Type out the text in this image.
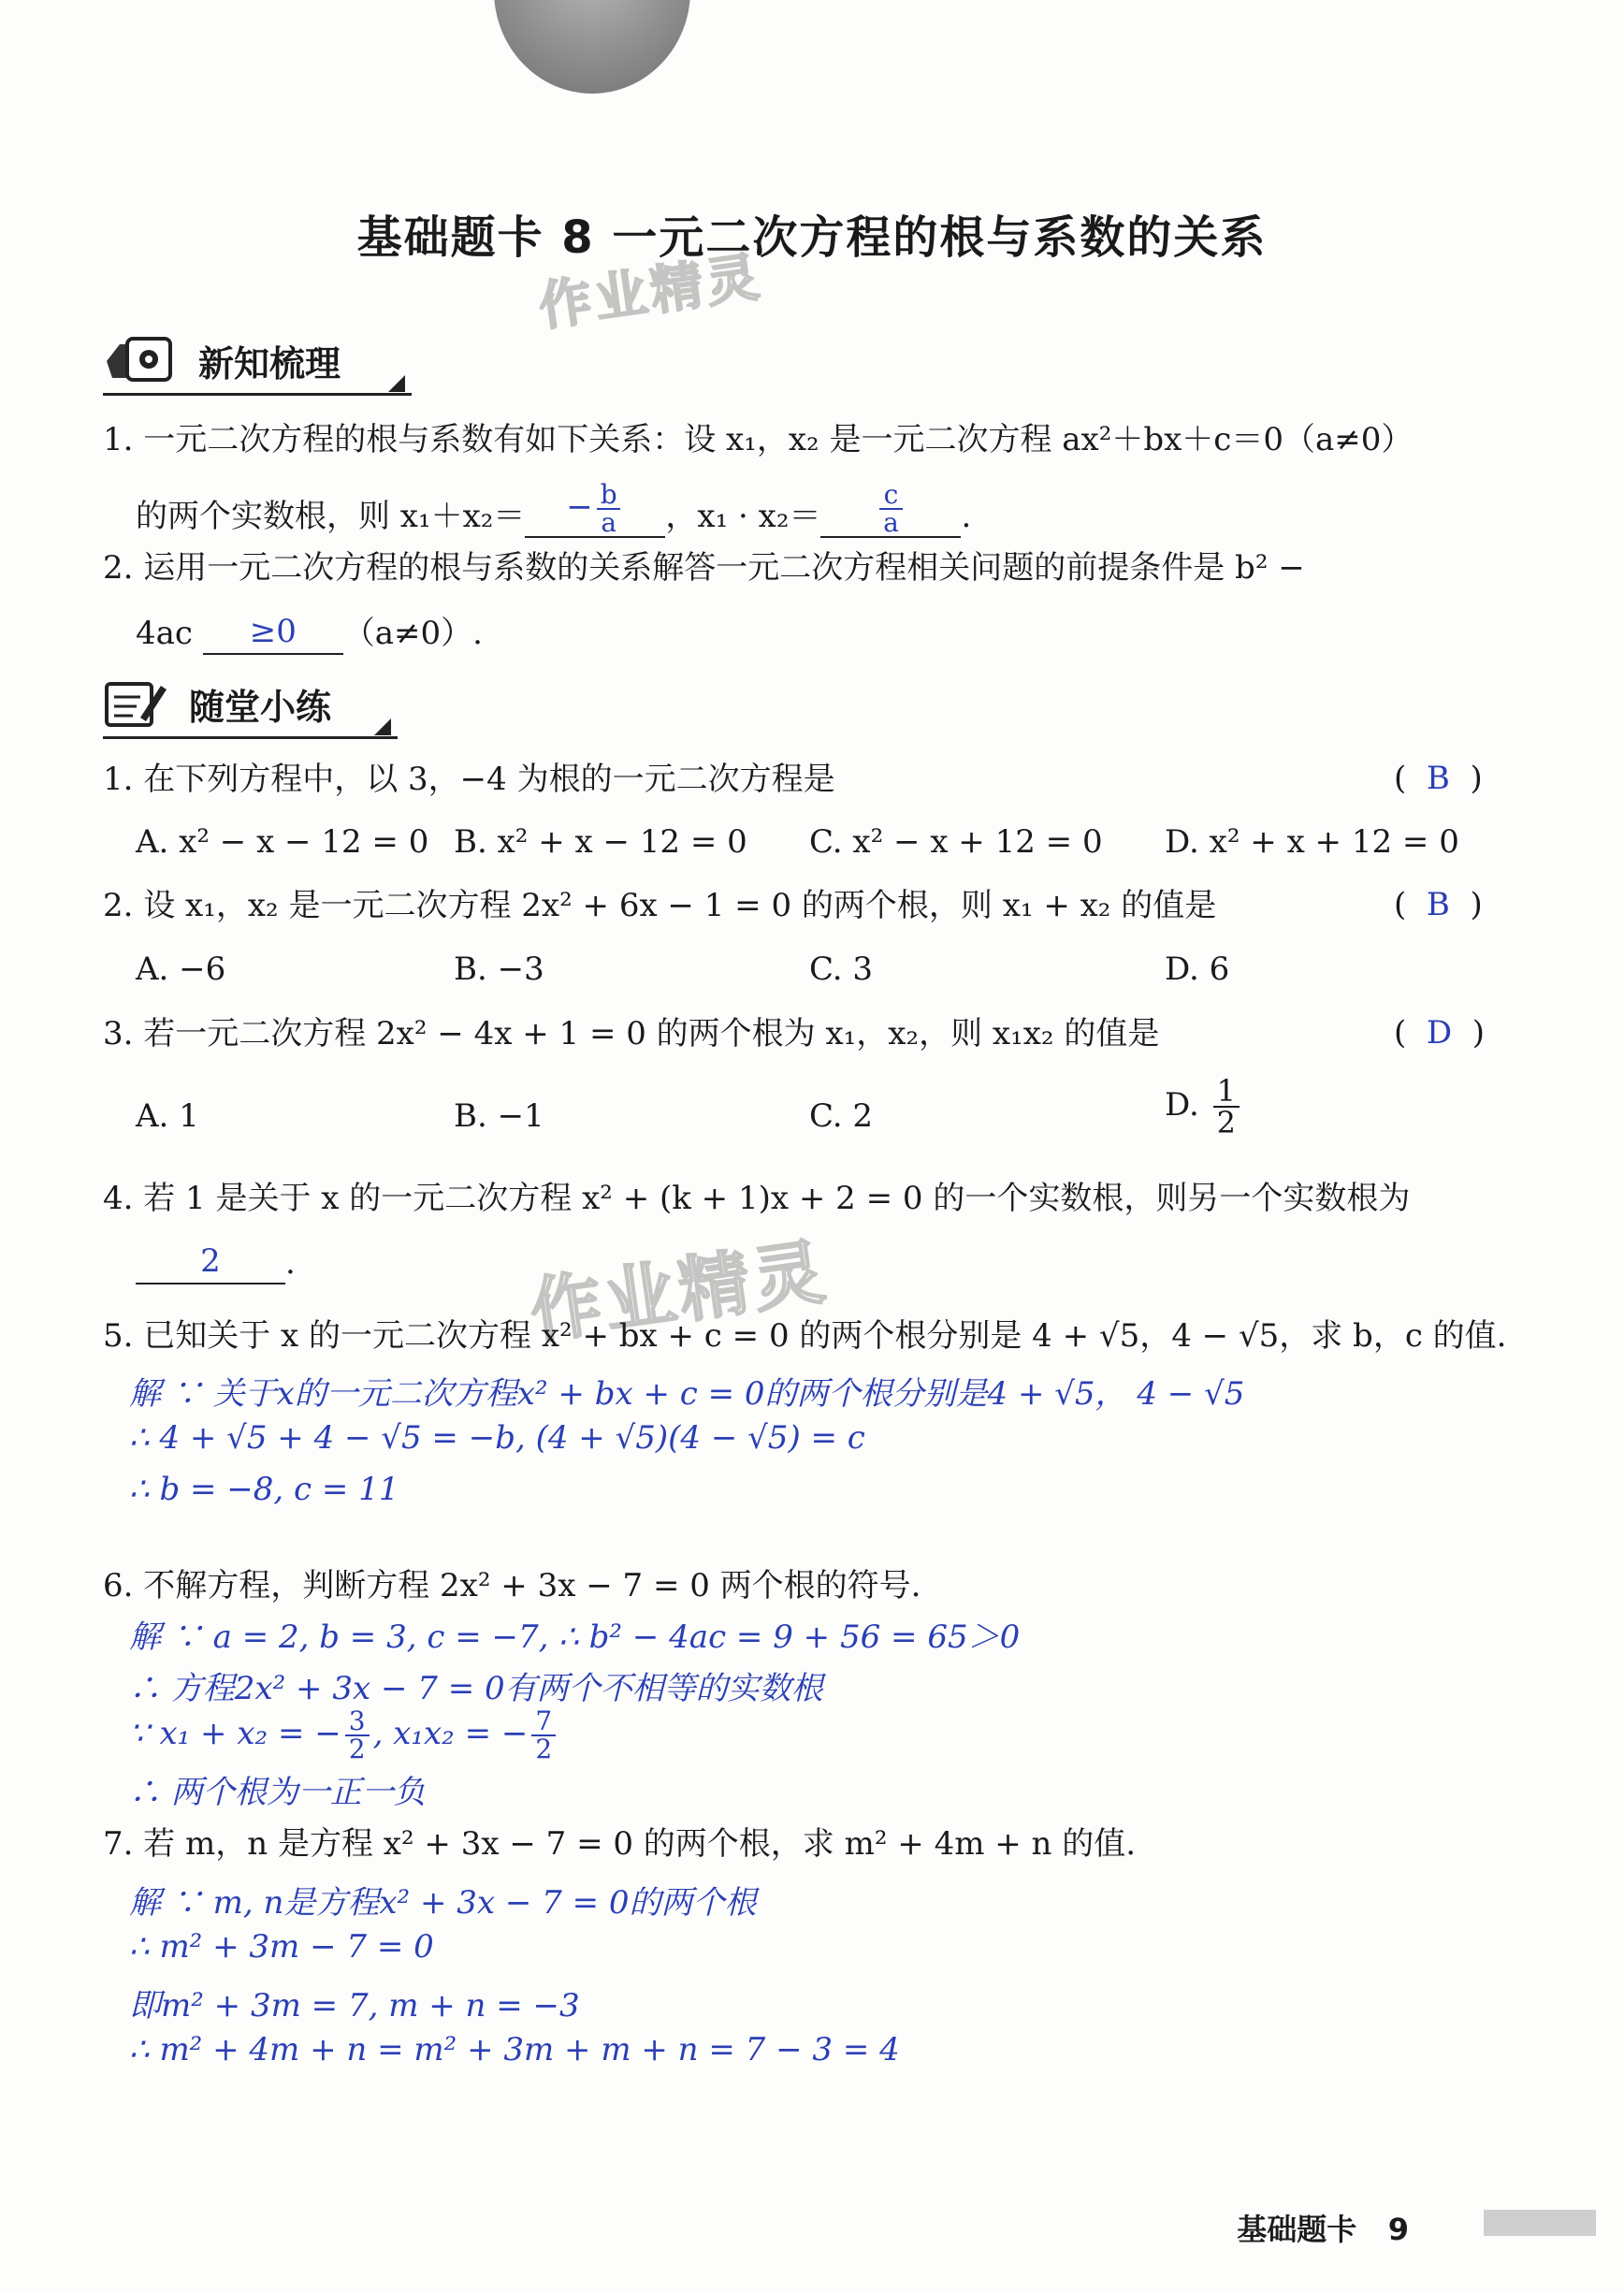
基础题卡 8 一元二次方程的根与系数的关系
作业精灵
作业精灵
新知梳理
1. 一元二次方程的根与系数有如下关系：设 x₁，x₂ 是一元二次方程 ax²＋bx＋c＝0（a≠0）
的两个实数根，则 $x_1+x_2= - \frac{b}{a}$ ，$x_1 \cdot x_2= \frac{c}{a}$ .
2. 运用一元二次方程的根与系数的关系解答一元二次方程相关问题的前提条件是 b² −
4ac ≥0 （a≠0）.
随堂小练
1. 在下列方程中，以 3，−4 为根的一元二次方程是	(  B  )
A. x² − x − 12 = 0 B. x² + x − 12 = 0 C. x² − x + 12 = 0 D. x² + x + 12 = 0
2. 设 x₁，x₂ 是一元二次方程 2x² + 6x − 1 = 0 的两个根，则 x₁ + x₂ 的值是	(  B  )
A. −6	B. −3	C. 3	D. 6
3. 若一元二次方程 2x² − 4x + 1 = 0 的两个根为 x₁，x₂，则 x₁x₂ 的值是	(  D  )
A. 1	B. −1	C. 2	D. $\frac{1}{2}$
4. 若 1 是关于 x 的一元二次方程 x² + (k + 1)x + 2 = 0 的一个实数根，则另一个实数根为
2 .
5. 已知关于 x 的一元二次方程 x² + bx + c = 0 的两个根分别是 4 + √5，4 − √5，求 b，c 的值.
解 ∵ 关于x的一元二次方程x² + bx + c = 0的两个根分别是4 + √5， 4 − √5
∴ 4 + √5 + 4 − √5 = −b, (4 + √5)(4 − √5) = c
∴ b = −8, c = 11
6. 不解方程，判断方程 2x² + 3x − 7 = 0 两个根的符号.
解 ∵ a = 2, b = 3, c = −7, ∴ b² − 4ac = 9 + 56 = 65＞0
∴ 方程2x² + 3x − 7 = 0有两个不相等的实数根
∵ x₁ + x₂ = − $\frac{3}{2}$ , x₁x₂ = − $\frac{7}{2}$
∴ 两个根为一正一负
7. 若 m，n 是方程 x² + 3x − 7 = 0 的两个根，求 m² + 4m + n 的值.
解 ∵ m, n是方程x² + 3x − 7 = 0的两个根
∴ m² + 3m − 7 = 0
即m² + 3m = 7, m + n = −3
∴ m² + 4m + n = m² + 3m + m + n = 7 − 3 = 4
基础题卡 9
